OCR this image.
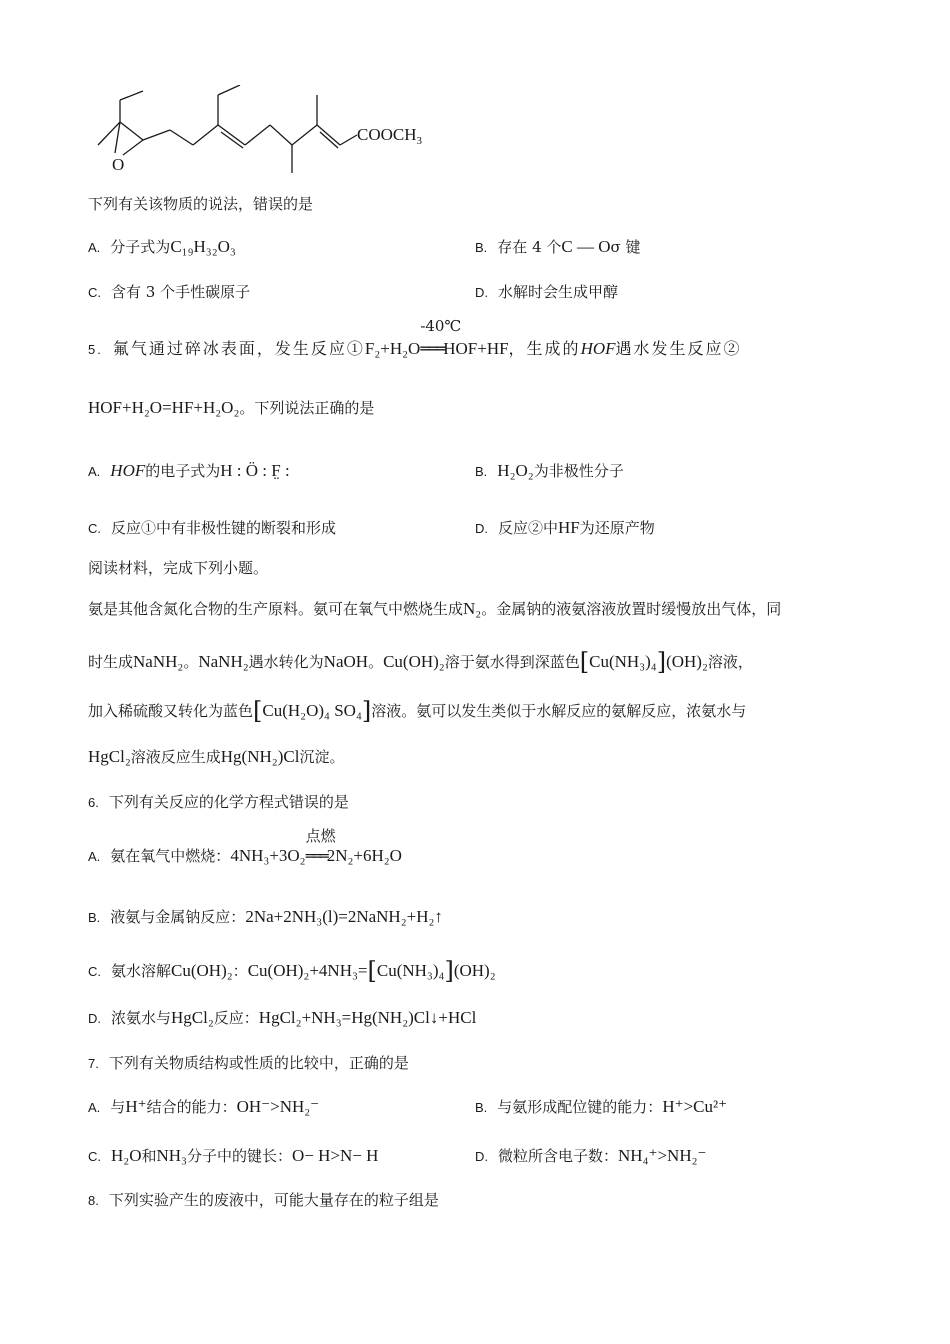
O
$COOCH_3$
下列有关该物质的说法，错误的是
A. 分子式为C₁₉H₃₂O₃	B. 存在 4 个C — Oσ 键
C. 含有 3 个手性碳原子	D. 水解时会生成甲醇
5. 氟气通过碎冰表面，发生反应①F₂+H₂O
-40℃
═══HOF+HF，生成的HOF遇水发生反应②
HOF+H₂O=HF+H₂O₂。下列说法正确的是
A. HOF的电子式为H : Ö : F̤ :	B. H₂O₂为非极性分子
C. 反应①中有非极性键的断裂和形成	D. 反应②中HF为还原产物
阅读材料，完成下列小题。
氨是其他含氮化合物的生产原料。氨可在氧气中燃烧生成N₂。金属钠的液氨溶液放置时缓慢放出气体，同
时生成NaNH₂。NaNH₂遇水转化为NaOH。Cu(OH)₂溶于氨水得到深蓝色[Cu(NH₃)₄](OH)₂溶液，
加入稀硫酸又转化为蓝色[Cu(H₂O)₄ SO₄]溶液。氨可以发生类似于水解反应的氨解反应，浓氨水与
HgCl₂溶液反应生成Hg(NH₂)Cl沉淀。
6. 下列有关反应的化学方程式错误的是
A. 氨在氧气中燃烧：4NH₃+3O₂
点燃
═══2N₂+6H₂O
B. 液氨与金属钠反应：2Na+2NH₃(l)=2NaNH₂+H₂↑
C. 氨水溶解Cu(OH)₂：Cu(OH)₂+4NH₃=[Cu(NH₃)₄](OH)₂
D. 浓氨水与HgCl₂反应：HgCl₂+NH₃=Hg(NH₂)Cl↓+HCl
7. 下列有关物质结构或性质的比较中，正确的是
A. 与H⁺结合的能力：OH⁻>NH₂⁻	B. 与氨形成配位键的能力：H⁺>Cu²⁺
C. H₂O和NH₃分子中的键长：O− H>N− H	D. 微粒所含电子数：NH₄⁺>NH₂⁻
8. 下列实验产生的废液中，可能大量存在的粒子组是
